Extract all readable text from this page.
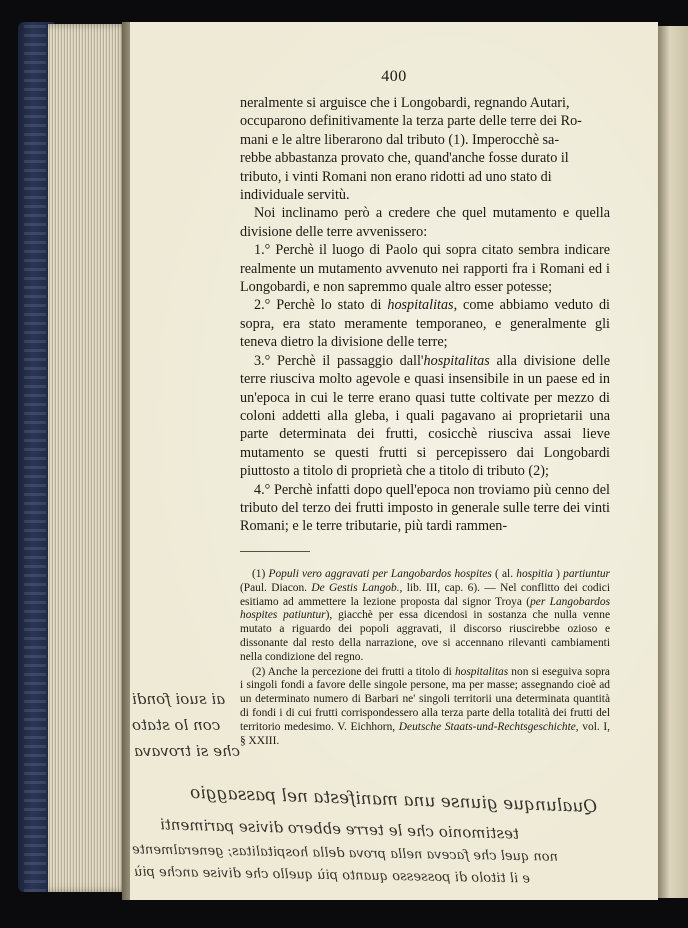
400

neralmente si arguisce che i Longobardi, regnando Autari,

occuparono definitivamente la terza parte delle terre dei Ro-

mani e le altre liberarono dal tributo (1). Imperocchè sa-

rebbe abbastanza provato che, quand'anche fosse durato il

tributo, i vinti Romani non erano ridotti ad uno stato di

individuale servitù.

Noi inclinamo però a credere che quel mutamento e quella divisione delle terre avvenissero:

1.° Perchè il luogo di Paolo qui sopra citato sembra indicare realmente un mutamento avvenuto nei rapporti fra i Romani ed i Longobardi, e non sapremmo quale altro esser potesse;

2.° Perchè lo stato di hospitalitas, come abbiamo veduto di sopra, era stato meramente temporaneo, e generalmente gli teneva dietro la divisione delle terre;

3.° Perchè il passaggio dall'hospitalitas alla divisione delle terre riusciva molto agevole e quasi insensibile in un paese ed in un'epoca in cui le terre erano quasi tutte coltivate per mezzo di coloni addetti alla gleba, i quali pagavano ai proprietarii una parte determinata dei frutti, cosicchè riusciva assai lieve mutamento se questi frutti si percepissero dai Longobardi piuttosto a titolo di proprietà che a titolo di tributo (2);

4.° Perchè infatti dopo quell'epoca non troviamo più cenno del tributo del terzo dei frutti imposto in generale sulle terre dei vinti Romani; e le terre tributarie, più tardi rammen-

(1) Populi vero aggravati per Langobardos hospites ( al. hospitia ) partiuntur (Paul. Diacon. De Gestis Langob., lib. III, cap. 6). — Nel conflitto dei codici esitiamo ad ammettere la lezione proposta dal signor Troya (per Langobardos hospites patiuntur), giacchè per essa dicendosi in sostanza che nulla venne mutato a riguardo dei popoli aggravati, il discorso riuscirebbe ozioso e dissonante dal resto della narrazione, ove si accennano rilevanti cambiamenti nella condizione del regno.

(2) Anche la percezione dei frutti a titolo di hospitalitas non si eseguiva sopra i singoli fondi a favore delle singole persone, ma per masse; assegnando cioè ad un determinato numero di Barbari ne' singoli territorii una determinata quantità di fondi i di cui frutti corrispondessero alla terza parte della totalità dei frutti del territorio medesimo. V. Eichhorn, Deutsche Staats-und-Rechtsgeschichte, vol. I, § XXIII.

ai suoi fondi
con lo stato
che si trovava
Qualunque giunse una manifesta nel passaggio
testimonio che le terre ebbero divise parimenti
non quel che faceva nella prova della hospitalitas; generalmente
e il titolo di possesso quanto più quello che divise anche più
